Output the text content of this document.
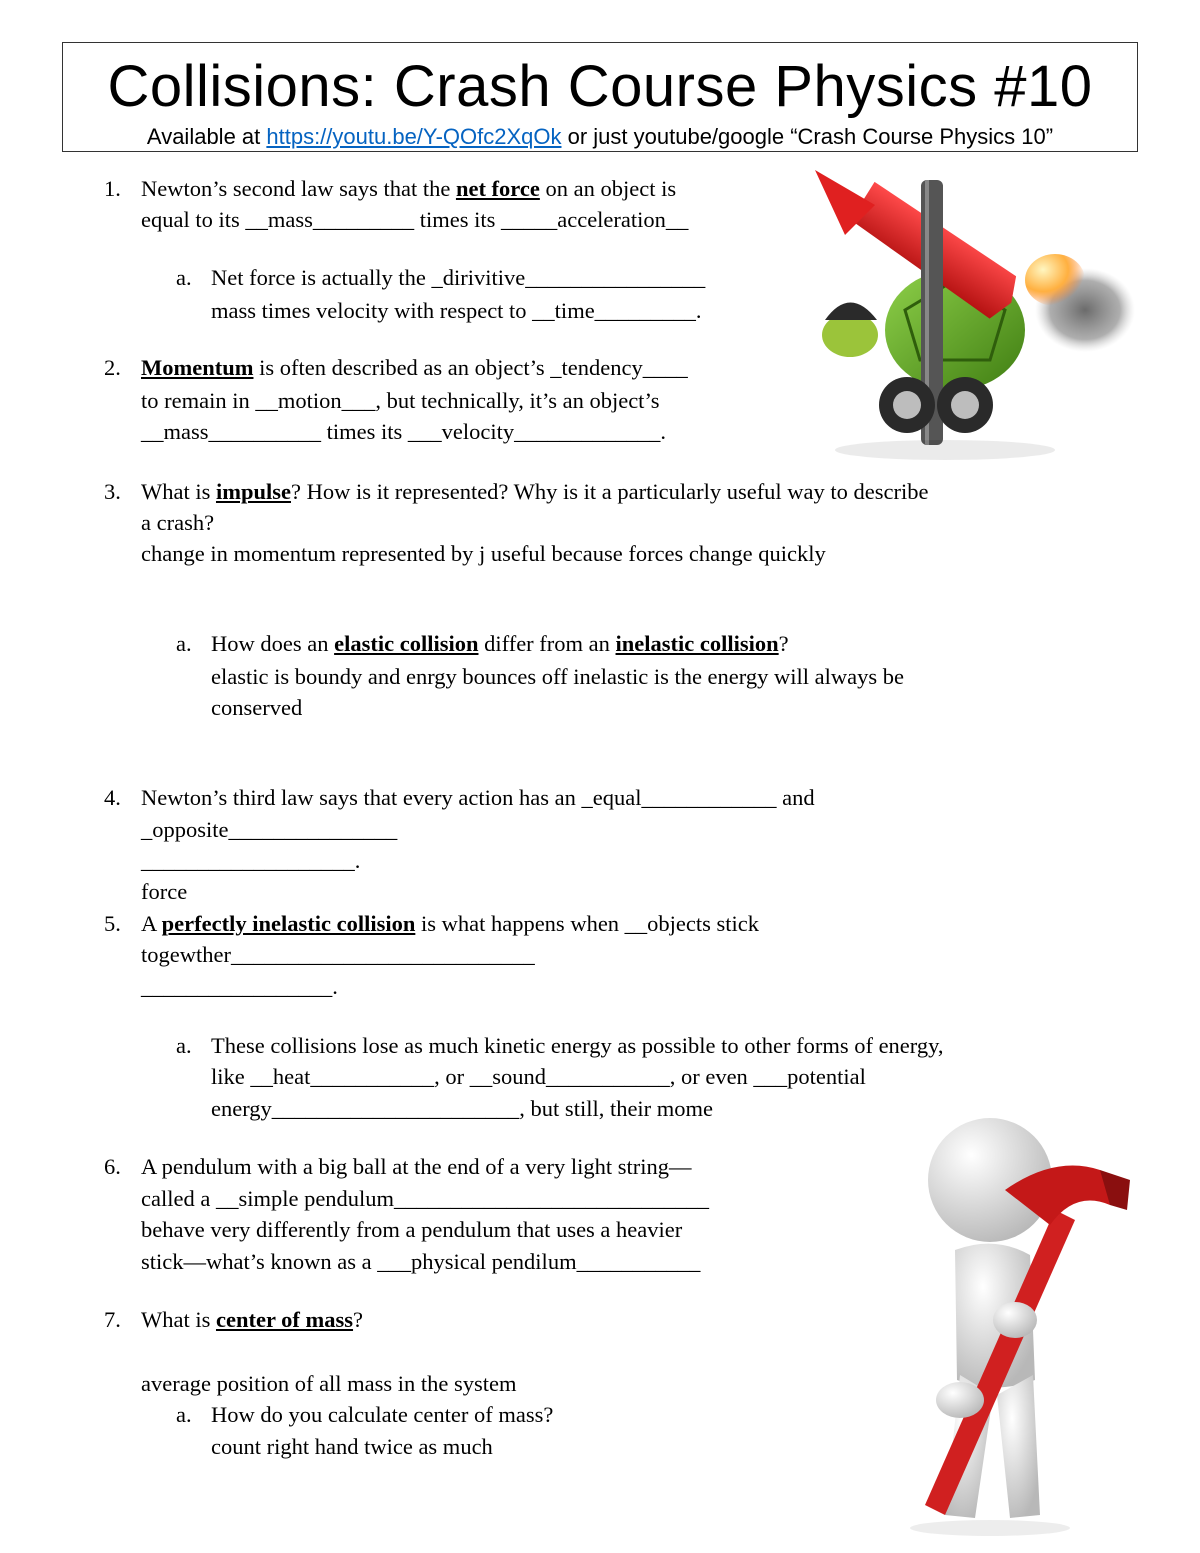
Collisions: Crash Course Physics #10
Available at https://youtu.be/Y-QOfc2XqOk or just youtube/google “Crash Course Physics 10”
1. Newton’s second law says that the net force on an object is
equal to its __mass_________ times its _____acceleration__
a. Net force is actually the _dirivitive________________
mass times velocity with respect to __time_________.
2. Momentum is often described as an object’s _tendency____
to remain in __motion___, but technically, it’s an object’s
__mass__________ times its ___velocity_____________.
3. What is impulse? How is it represented? Why is it a particularly useful way to describe
a crash?
change in momentum represented by j useful because forces change quickly
a. How does an elastic collision differ from an inelastic collision?
elastic is boundy and enrgy bounces off inelastic is the energy will always be
conserved
4. Newton’s third law says that every action has an _equal____________ and
_opposite_______________
___________________.
force
5. A perfectly inelastic collision is what happens when __objects stick
togewther___________________________
_________________.
a. These collisions lose as much kinetic energy as possible to other forms of energy,
like __heat___________, or __sound___________, or even ___potential
energy______________________, but still, their mome
6. A pendulum with a big ball at the end of a very light string—
called a __simple pendulum____________________________
behave very differently from a pendulum that uses a heavier
stick—what’s known as a ___physical pendilum___________
7. What is center of mass?
average position of all mass in the system
a. How do you calculate center of mass?
count right hand twice as much
